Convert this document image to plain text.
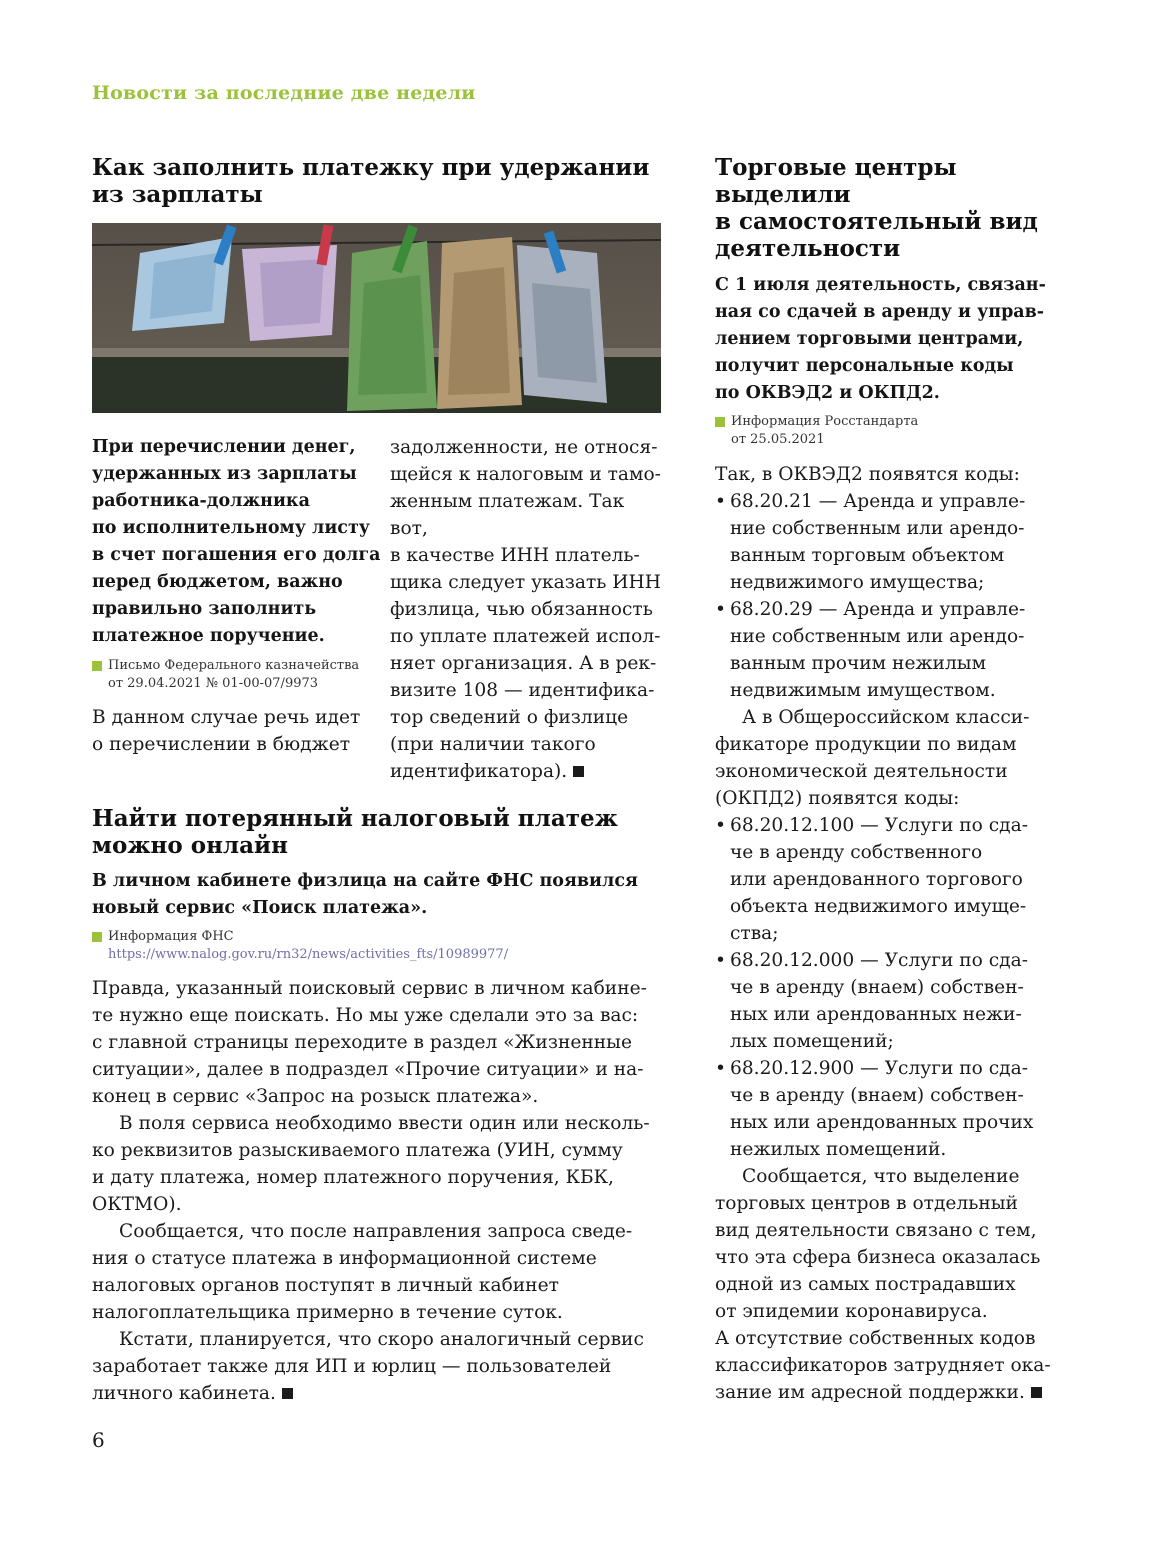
Новости за последние две недели
Как заполнить платежку при удержании
из зарплаты
При перечислении денег,
удержанных из зарплаты
работника-должника
по исполнительному листу
в счет погашения его долга
перед бюджетом, важно
правильно заполнить
платежное поручение.
Письмо Федерального казначейства
от 29.04.2021 № 01-00-07/9973
В данном случае речь идет
о перечислении в бюджет
задолженности, не относя-
щейся к налоговым и тамо-
женным платежам. Так вот,
в качестве ИНН платель-
щика следует указать ИНН
физлица, чью обязанность
по уплате платежей испол-
няет организация. А в рек-
визите 108 — идентифика-
тор сведений о физлице
(при наличии такого
идентификатора).
Найти потерянный налоговый платеж
можно онлайн
В личном кабинете физлица на сайте ФНС появился
новый сервис «Поиск платежа».
Информация ФНС
https://www.nalog.gov.ru/rn32/news/activities_fts/10989977/
Правда, указанный поисковый сервис в личном кабине-
те нужно еще поискать. Но мы уже сделали это за вас:
с главной страницы переходите в раздел «Жизненные
ситуации», далее в подраздел «Прочие ситуации» и на-
конец в сервис «Запрос на розыск платежа».
В поля сервиса необходимо ввести один или несколь-
ко реквизитов разыскиваемого платежа (УИН, сумму
и дату платежа, номер платежного поручения, КБК,
ОКТМО).
Сообщается, что после направления запроса сведе-
ния о статусе платежа в информационной системе
налоговых органов поступят в личный кабинет
налогоплательщика примерно в течение суток.
Кстати, планируется, что скоро аналогичный сервис
заработает также для ИП и юрлиц — пользователей
личного кабинета.
Торговые центры
выделили
в самостоятельный вид
деятельности
С 1 июля деятельность, связан-
ная со сдачей в аренду и управ-
лением торговыми центрами,
получит персональные коды
по ОКВЭД2 и ОКПД2.
Информация Росстандарта
от 25.05.2021
Так, в ОКВЭД2 появятся коды:
• 68.20.21 — Аренда и управле-
ние собственным или арендо-
ванным торговым объектом
недвижимого имущества;
• 68.20.29 — Аренда и управле-
ние собственным или арендо-
ванным прочим нежилым
недвижимым имуществом.
А в Общероссийском класси-
фикаторе продукции по видам
экономической деятельности
(ОКПД2) появятся коды:
• 68.20.12.100 — Услуги по сда-
че в аренду собственного
или арендованного торгового
объекта недвижимого имуще-
ства;
• 68.20.12.000 — Услуги по сда-
че в аренду (внаем) собствен-
ных или арендованных нежи-
лых помещений;
• 68.20.12.900 — Услуги по сда-
че в аренду (внаем) собствен-
ных или арендованных прочих
нежилых помещений.
Сообщается, что выделение
торговых центров в отдельный
вид деятельности связано с тем,
что эта сфера бизнеса оказалась
одной из самых пострадавших
от эпидемии коронавируса.
А отсутствие собственных кодов
классификаторов затрудняет ока-
зание им адресной поддержки.
6
